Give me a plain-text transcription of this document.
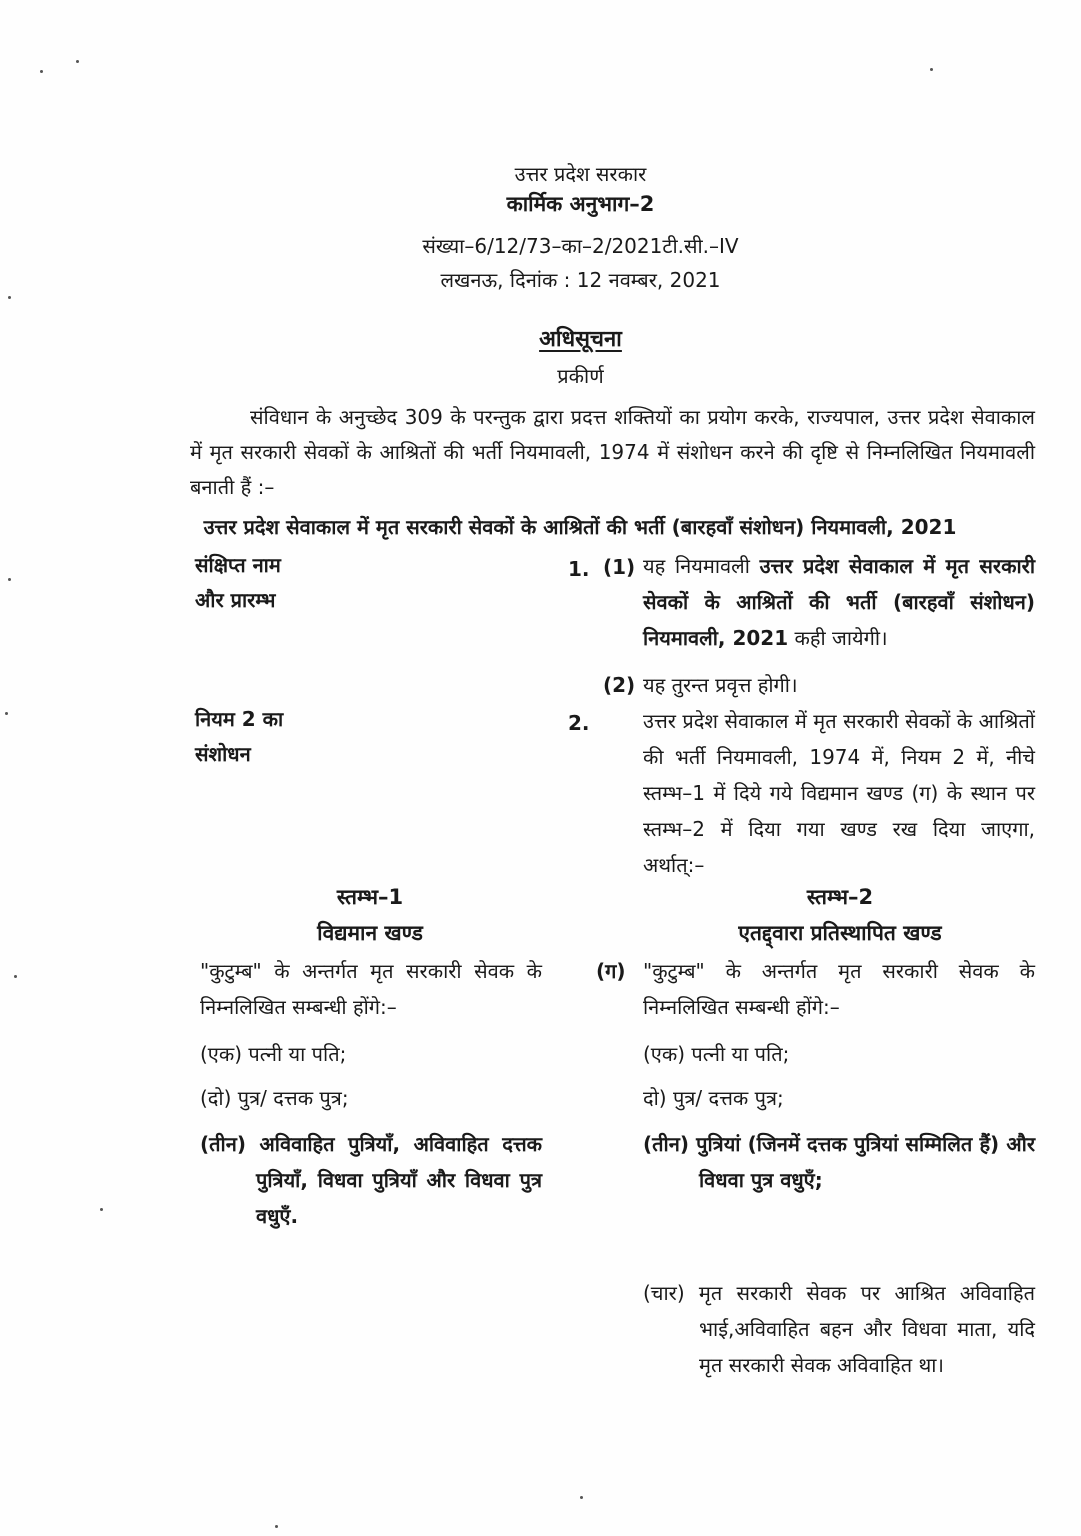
उत्तर प्रदेश सरकार
कार्मिक अनुभाग–2
संख्या–6/12/73–का–2/2021टी.सी.–IV
लखनऊ, दिनांक : 12 नवम्बर, 2021
अधिसूचना
प्रकीर्ण
संविधान के अनुच्छेद 309 के परन्तुक द्वारा प्रदत्त शक्तियों का प्रयोग करके, राज्यपाल, उत्तर प्रदेश सेवाकाल में मृत सरकारी सेवकों के आश्रितों की भर्ती नियमावली, 1974 में संशोधन करने की दृष्टि से निम्नलिखित नियमावली बनाती हैं :–
उत्तर प्रदेश सेवाकाल में मृत सरकारी सेवकों के आश्रितों की भर्ती (बारहवाँ संशोधन) नियमावली, 2021
संक्षिप्त नाम
और प्रारम्भ
1. (1) यह नियमावली उत्तर प्रदेश सेवाकाल में मृत सरकारी सेवकों के आश्रितों की भर्ती (बारहवाँ संशोधन) नियमावली, 2021 कही जायेगी।
(2) यह तुरन्त प्रवृत्त होगी।
नियम 2 का
संशोधन
2.	उत्तर प्रदेश सेवाकाल में मृत सरकारी सेवकों के आश्रितों की भर्ती नियमावली, 1974 में, नियम 2 में, नीचे स्तम्भ–1 में दिये गये विद्यमान खण्ड (ग) के स्थान पर स्तम्भ–2 में दिया गया खण्ड रख दिया जाएगा, अर्थात्:–
स्तम्भ–1
विद्यमान खण्ड
"कुटुम्ब" के अन्तर्गत मृत सरकारी सेवक के निम्नलिखित सम्बन्धी होंगे:–
(एक) पत्नी या पति;
(दो) पुत्र/ दत्तक पुत्र;
(तीन) अविवाहित पुत्रियाँ, अविवाहित दत्तक पुत्रियाँ, विधवा पुत्रियाँ और विधवा पुत्र वधुएँ.
स्तम्भ–2
एतद्द्वारा प्रतिस्थापित खण्ड
(ग) "कुटुम्ब" के अन्तर्गत मृत सरकारी सेवक के निम्नलिखित सम्बन्धी होंगे:–
(एक) पत्नी या पति;
दो) पुत्र/ दत्तक पुत्र;
(तीन) पुत्रियां (जिनमें दत्तक पुत्रियां सम्मिलित हैं) और विधवा पुत्र वधुएँ;
(चार) मृत सरकारी सेवक पर आश्रित अविवाहित भाई,अविवाहित बहन और विधवा माता, यदि मृत सरकारी सेवक अविवाहित था।
